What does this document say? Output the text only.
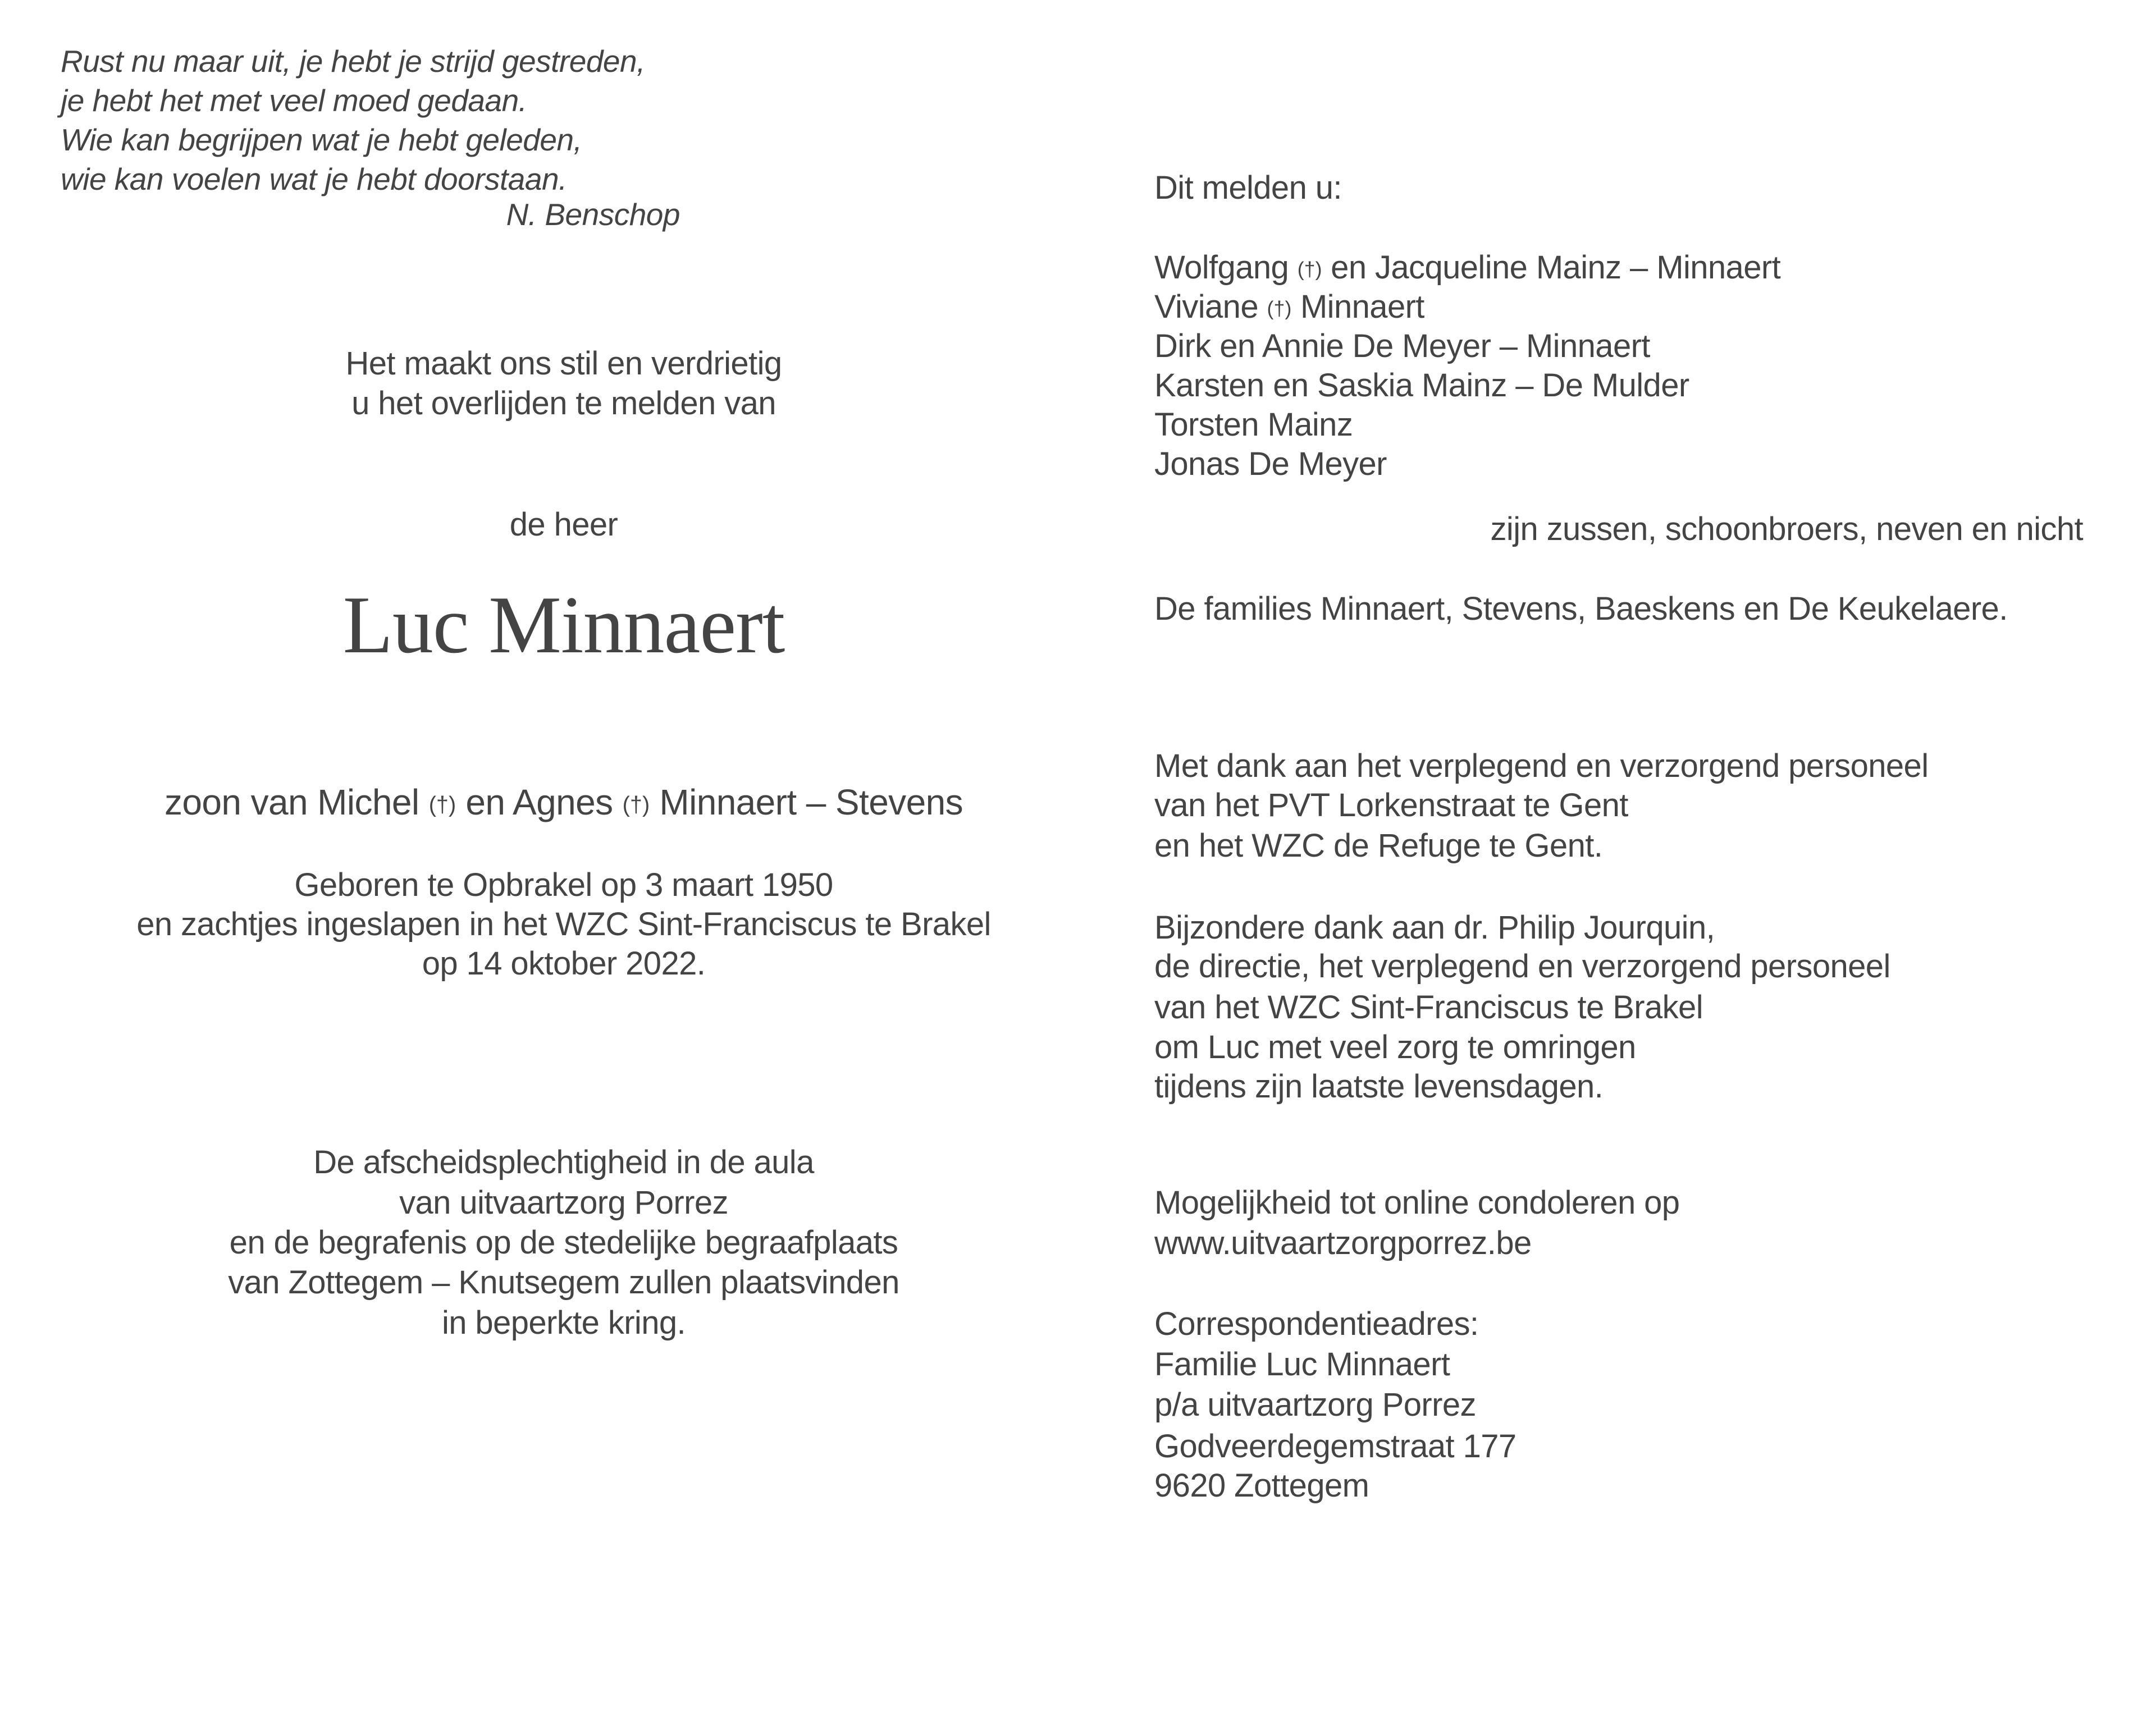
Rust nu maar uit, je hebt je strijd gestreden,
je hebt het met veel moed gedaan.
Wie kan begrijpen wat je hebt geleden,
wie kan voelen wat je hebt doorstaan.
N. Benschop
Het maakt ons stil en verdrietig
u het overlijden te melden van
de heer
Luc Minnaert
zoon van Michel (†) en Agnes (†) Minnaert – Stevens
Geboren te Opbrakel op 3 maart 1950
en zachtjes ingeslapen in het WZC Sint-Franciscus te Brakel
op 14 oktober 2022.
De afscheidsplechtigheid in de aula
van uitvaartzorg Porrez
en de begrafenis op de stedelijke begraafplaats
van Zottegem – Knutsegem zullen plaatsvinden
in beperkte kring.
Dit melden u:
Wolfgang (†) en Jacqueline Mainz – Minnaert
Viviane (†) Minnaert
Dirk en Annie De Meyer – Minnaert
Karsten en Saskia Mainz – De Mulder
Torsten Mainz
Jonas De Meyer
zijn zussen, schoonbroers, neven en nicht
De families Minnaert, Stevens, Baeskens en De Keukelaere.
Met dank aan het verplegend en verzorgend personeel
van het PVT Lorkenstraat te Gent
en het WZC de Refuge te Gent.
Bijzondere dank aan dr. Philip Jourquin,
de directie, het verplegend en verzorgend personeel
van het WZC Sint-Franciscus te Brakel
om Luc met veel zorg te omringen
tijdens zijn laatste levensdagen.
Mogelijkheid tot online condoleren op
www.uitvaartzorgporrez.be
Correspondentieadres:
Familie Luc Minnaert
p/a uitvaartzorg Porrez
Godveerdegemstraat 177
9620 Zottegem
